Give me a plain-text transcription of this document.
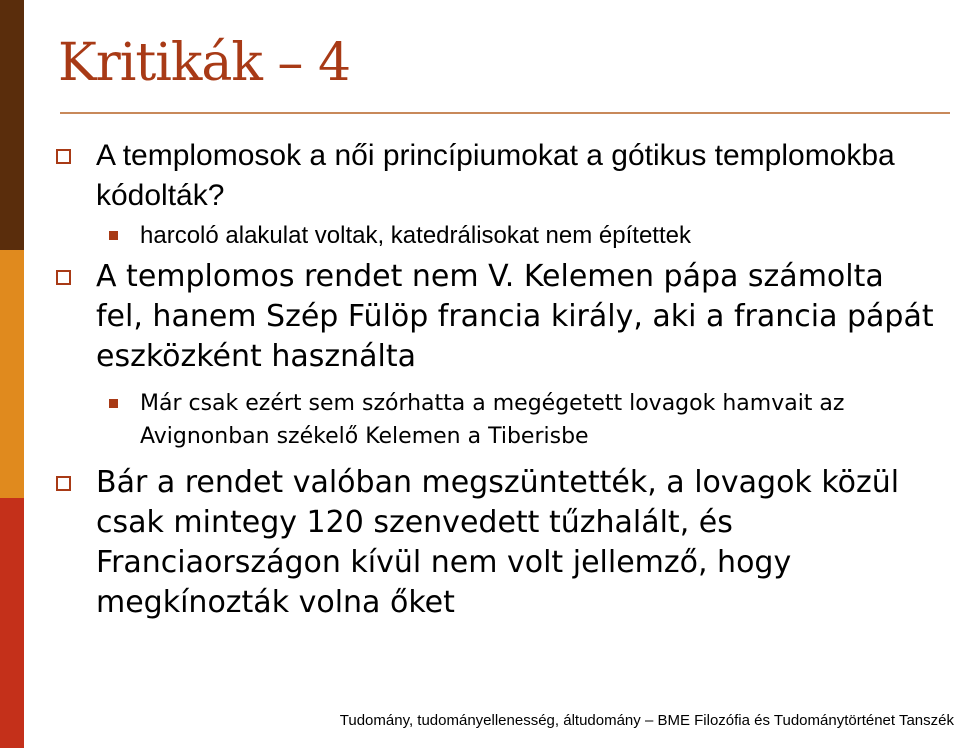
Kritikák – 4
A templomosok a női princípiumokat a gótikus templomokba kódolták?
harcoló alakulat voltak, katedrálisokat nem építettek
A templomos rendet nem V. Kelemen pápa számolta fel, hanem Szép Fülöp francia király, aki a francia pápát eszközként használta
Már csak ezért sem szórhatta a megégetett lovagok hamvait az Avignonban székelő Kelemen a Tiberisbe
Bár a rendet valóban megszüntették, a lovagok közül csak mintegy 120 szenvedett tűzhalált, és Franciaországon kívül nem volt jellemző, hogy megkínozták volna őket
Tudomány, tudományellenesség, áltudomány – BME Filozófia és Tudománytörténet Tanszék
